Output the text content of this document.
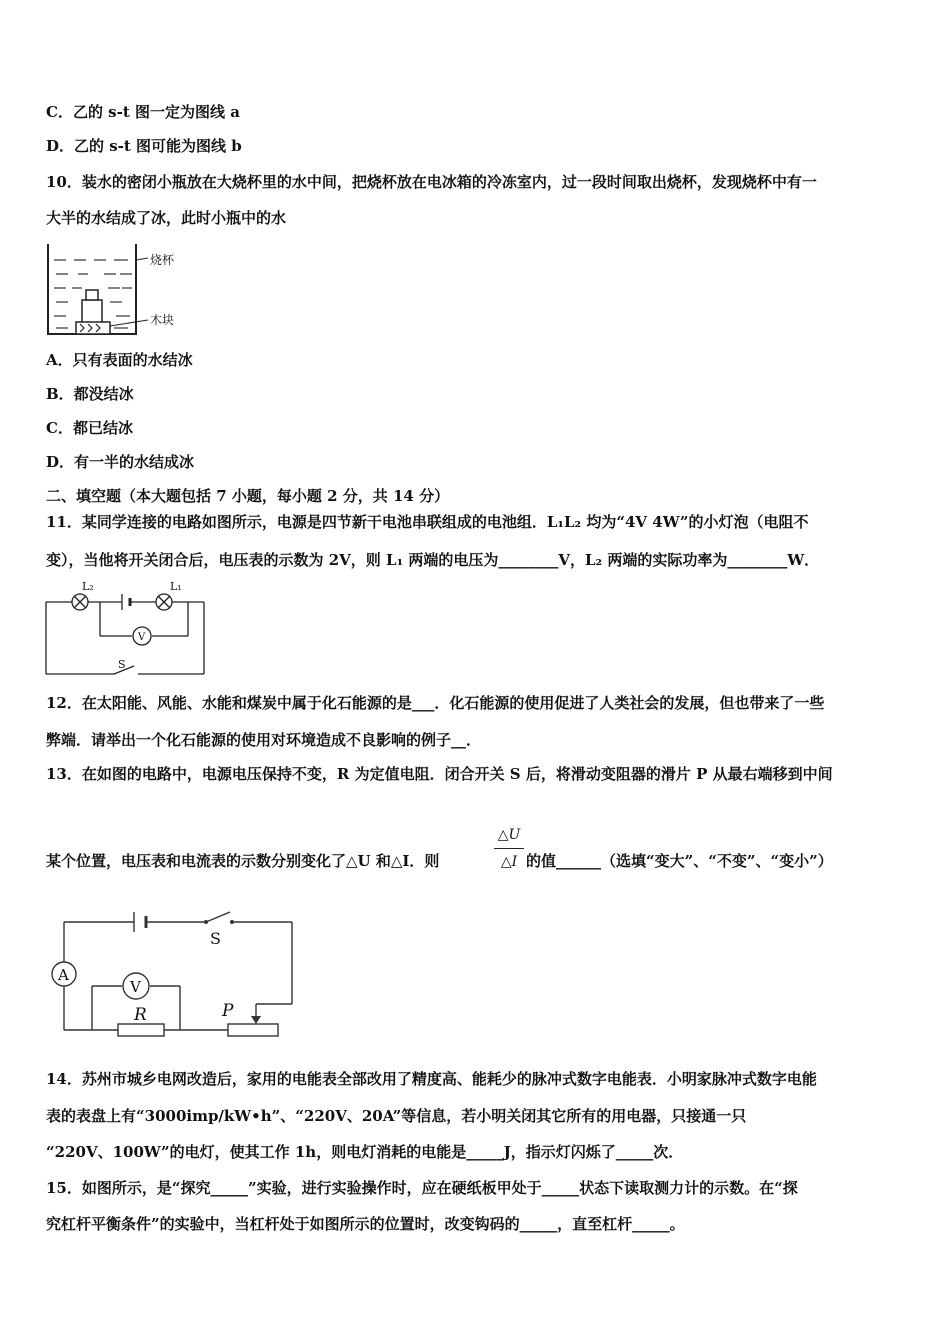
C．乙的 s-t 图一定为图线 a
D．乙的 s-t 图可能为图线 b
10．装水的密闭小瓶放在大烧杯里的水中间，把烧杯放在电冰箱的冷冻室内，过一段时间取出烧杯，发现烧杯中有一
大半的水结成了冰，此时小瓶中的水
烧杯
木块
A．只有表面的水结冰
B．都没结冰
C．都已结冰
D．有一半的水结成冰
二、填空题（本大题包括 7 小题，每小题 2 分，共 14 分）
11．某同学连接的电路如图所示，电源是四节新干电池串联组成的电池组．L₁L₂ 均为“4V 4W”的小灯泡（电阻不
变），当他将开关闭合后，电压表的示数为 2V，则 L₁ 两端的电压为________V，L₂ 两端的实际功率为________W．
L₂	L₁
V
S
12．在太阳能、风能、水能和煤炭中属于化石能源的是___．化石能源的使用促进了人类社会的发展，但也带来了一些
弊端．请举出一个化石能源的使用对环境造成不良影响的例子__．
13．在如图的电路中，电源电压保持不变，R 为定值电阻．闭合开关 S 后，将滑动变阻器的滑片 P 从最右端移到中间
某个位置，电压表和电流表的示数分别变化了△U 和△I．则	$\frac{\triangle U}{\triangle I}$ 的值______（选填“变大”、“不变”、“变小”）
S
A
V
R	P
14．苏州市城乡电网改造后，家用的电能表全部改用了精度高、能耗少的脉冲式数字电能表．小明家脉冲式数字电能
表的表盘上有“3000imp/kW•h”、“220V、20A”等信息，若小明关闭其它所有的用电器，只接通一只
“220V、100W”的电灯，使其工作 1h，则电灯消耗的电能是_____J，指示灯闪烁了_____次．
15．如图所示，是“探究_____”实验，进行实验操作时，应在硬纸板甲处于_____状态下读取测力计的示数。在“探
究杠杆平衡条件”的实验中，当杠杆处于如图所示的位置时，改变钩码的_____，直至杠杆_____。
